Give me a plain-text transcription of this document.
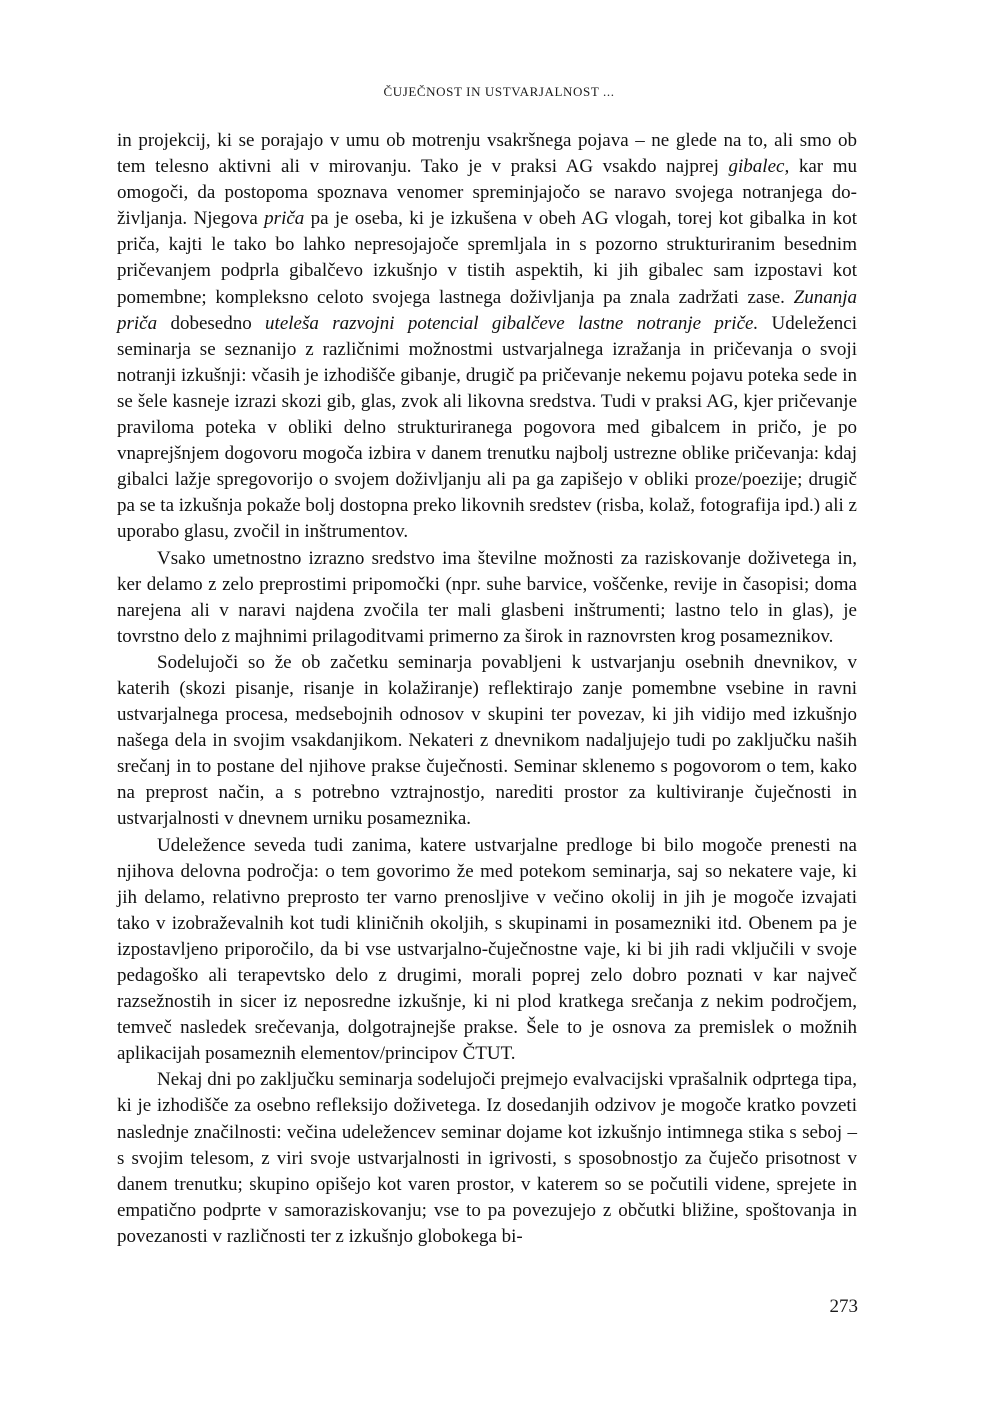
ČUJEČNOST IN USTVARJALNOST ...

in projekcij, ki se porajajo v umu ob motrenju vsakršnega pojava – ne glede na to, ali smo ob tem telesno aktivni ali v mirovanju. Tako je v praksi AG vsakdo najprej gibalec, kar mu omogoči, da postopoma spoznava venomer spreminjajočo se naravo svojega notranjega doživljanja. Njegova priča pa je oseba, ki je izkušena v obeh AG vlogah, torej kot gibalka in kot priča, kajti le tako bo lahko nepresojajoče spremljala in s pozorno strukturiranim besednim pričevanjem podprla gibalčevo izkušnjo v tistih aspektih, ki jih gibalec sam izpostavi kot pomembne; kompleksno celoto svojega lastnega doživljanja pa znala zadržati zase. Zunanja priča dobesedno uteleša razvojni potencial gibalčeve lastne notranje priče. Udeleženci seminarja se seznanijo z različnimi možnostmi ustvarjalnega izražanja in pričevanja o svoji notranji izkušnji: včasih je izhodišče gibanje, drugič pa pričevanje nekemu pojavu poteka sede in se šele kasneje izrazi skozi gib, glas, zvok ali likovna sredstva. Tudi v praksi AG, kjer pričevanje praviloma poteka v obliki delno strukturiranega pogovora med gibalcem in pričo, je po vnaprejšnjem dogovoru mogoča izbira v danem trenutku najbolj ustrezne oblike pričevanja: kdaj gibalci lažje spregovorijo o svojem doživljanju ali pa ga zapišejo v obliki proze/poezije; drugič pa se ta izkušnja pokaže bolj dostopna preko likovnih sredstev (risba, kolaž, fotografija ipd.) ali z uporabo glasu, zvočil in inštrumentov.

Vsako umetnostno izrazno sredstvo ima številne možnosti za raziskovanje doživetega in, ker delamo z zelo preprostimi pripomočki (npr. suhe barvice, voščenke, revije in časopisi; doma narejena ali v naravi najdena zvočila ter mali glasbeni inštrumenti; lastno telo in glas), je tovrstno delo z majhnimi prilagoditvami primerno za širok in raznovrsten krog posameznikov.

Sodelujoči so že ob začetku seminarja povabljeni k ustvarjanju osebnih dnevnikov, v katerih (skozi pisanje, risanje in kolažiranje) reflektirajo zanje pomembne vsebine in ravni ustvarjalnega procesa, medsebojnih odnosov v skupini ter povezav, ki jih vidijo med izkušnjo našega dela in svojim vsakdanjikom. Nekateri z dnevnikom nadaljujejo tudi po zaključku naših srečanj in to postane del njihove prakse čuječnosti. Seminar sklenemo s pogovorom o tem, kako na preprost način, a s potrebno vztrajnostjo, narediti prostor za kultiviranje čuječnosti in ustvarjalnosti v dnevnem urniku posameznika.

Udeležence seveda tudi zanima, katere ustvarjalne predloge bi bilo mogoče prenesti na njihova delovna področja: o tem govorimo že med potekom seminarja, saj so nekatere vaje, ki jih delamo, relativno preprosto ter varno prenosljive v večino okolij in jih je mogoče izvajati tako v izobraževalnih kot tudi kliničnih okoljih, s skupinami in posamezniki itd. Obenem pa je izpostavljeno priporočilo, da bi vse ustvarjalno-čuječnostne vaje, ki bi jih radi vključili v svoje pedagoško ali terapevtsko delo z drugimi, morali poprej zelo dobro poznati v kar največ razsežnostih in sicer iz neposredne izkušnje, ki ni plod kratkega srečanja z nekim področjem, temveč nasledek srečevanja, dolgotrajnejše prakse. Šele to je osnova za premislek o možnih aplikacijah posameznih elementov/principov ČTUT.

Nekaj dni po zaključku seminarja sodelujoči prejmejo evalvacijski vprašalnik odprtega tipa, ki je izhodišče za osebno refleksijo doživetega. Iz dosedanjih odzivov je mogoče kratko povzeti naslednje značilnosti: večina udeležencev seminar dojame kot izkušnjo intimnega stika s seboj – s svojim telesom, z viri svoje ustvarjalnosti in igrivosti, s sposobnostjo za čuječo prisotnost v danem trenutku; skupino opišejo kot varen prostor, v katerem so se počutili videne, sprejete in empatično podprte v samoraziskovanju; vse to pa povezujejo z občutki bližine, spoštovanja in povezanosti v različnosti ter z izkušnjo globokega bi-

273
